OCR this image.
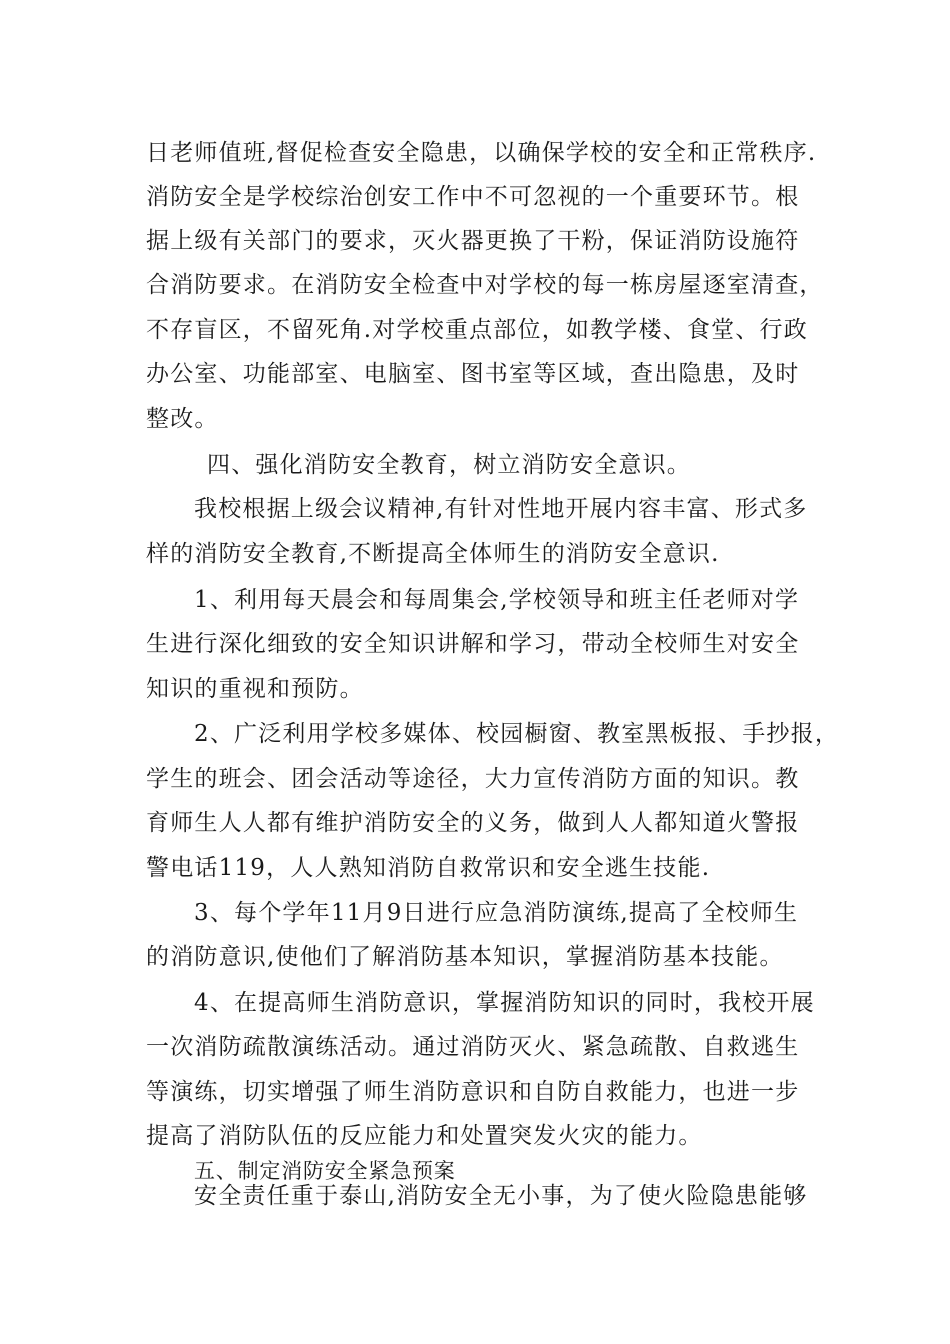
日老师值班,督促检查安全隐患，以确保学校的安全和正常秩序.
消防安全是学校综治创安工作中不可忽视的一个重要环节。根
据上级有关部门的要求，灭火器更换了干粉，保证消防设施符
合消防要求。在消防安全检查中对学校的每一栋房屋逐室清查，
不存盲区，不留死角.对学校重点部位，如教学楼、食堂、行政
办公室、功能部室、电脑室、图书室等区域，查出隐患，及时
整改。
四、强化消防安全教育，树立消防安全意识。
我校根据上级会议精神,有针对性地开展内容丰富、形式多
样的消防安全教育,不断提高全体师生的消防安全意识.
1、利用每天晨会和每周集会,学校领导和班主任老师对学
生进行深化细致的安全知识讲解和学习，带动全校师生对安全
知识的重视和预防。
2、广泛利用学校多媒体、校园橱窗、教室黑板报、手抄报，
学生的班会、团会活动等途径，大力宣传消防方面的知识。教
育师生人人都有维护消防安全的义务，做到人人都知道火警报
警电话119，人人熟知消防自救常识和安全逃生技能.
3、每个学年11月9日进行应急消防演练,提高了全校师生
的消防意识,使他们了解消防基本知识，掌握消防基本技能。
4、在提高师生消防意识，掌握消防知识的同时，我校开展
一次消防疏散演练活动。通过消防灭火、紧急疏散、自救逃生
等演练，切实增强了师生消防意识和自防自救能力，也进一步
提高了消防队伍的反应能力和处置突发火灾的能力。
五、制定消防安全紧急预案
安全责任重于泰山,消防安全无小事，为了使火险隐患能够
